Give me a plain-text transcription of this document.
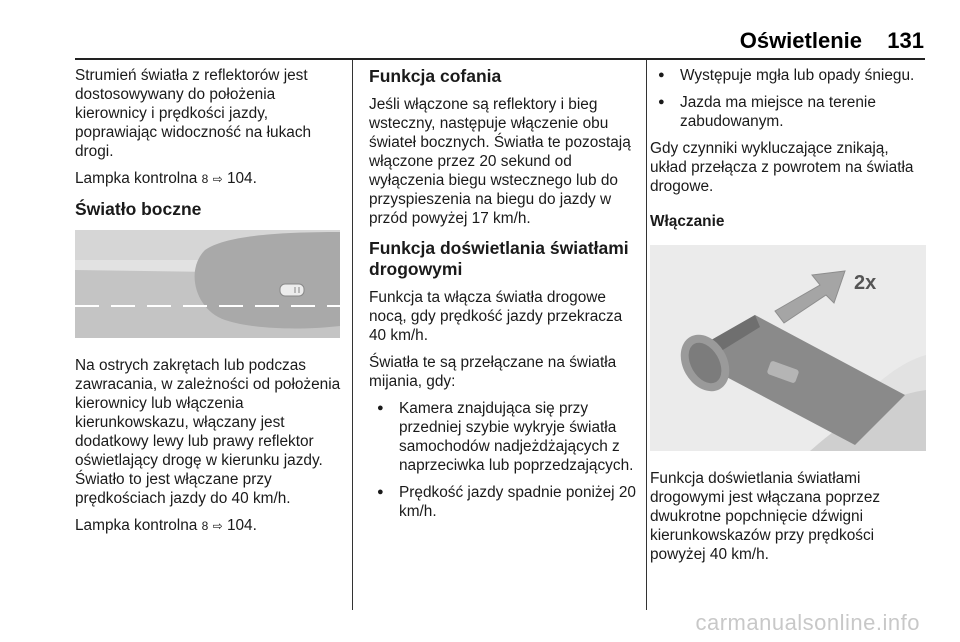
Oświetlenie 131

Strumień światła z reflektorów jest dostosowywany do położenia kierownicy i prędkości jazdy, poprawiając widoczność na łukach drogi.

Lampka kontrolna 8 ⇨ 104.

Światło boczne

Na ostrych zakrętach lub podczas zawracania, w zależności od położenia kierownicy lub włączenia kierunkowskazu, włączany jest dodatkowy lewy lub prawy reflektor oświetlający drogę w kierunku jazdy. Światło to jest włączane przy prędkościach jazdy do 40 km/h.

Lampka kontrolna 8 ⇨ 104.

Funkcja cofania

Jeśli włączone są reflektory i bieg wsteczny, następuje włączenie obu świateł bocznych. Światła te pozostają włączone przez 20 sekund od wyłączenia biegu wstecznego lub do przyspieszenia na biegu do jazdy w przód powyżej 17 km/h.

Funkcja doświetlania światłami drogowymi

Funkcja ta włącza światła drogowe nocą, gdy prędkość jazdy przekracza 40 km/h.

Światła te są przełączane na światła mijania, gdy:

● Kamera znajdująca się przy przedniej szybie wykryje światła samochodów nadjeżdżających z naprzeciwka lub poprzedzających.
● Prędkość jazdy spadnie poniżej 20 km/h.
● Występuje mgła lub opady śniegu.
● Jazda ma miejsce na terenie zabudowanym.

Gdy czynniki wykluczające znikają, układ przełącza z powrotem na światła drogowe.

Włączanie
2x

Funkcja doświetlania światłami drogowymi jest włączana poprzez dwukrotne popchnięcie dźwigni kierunkowskazów przy prędkości powyżej 40 km/h.

carmanualsonline.info
